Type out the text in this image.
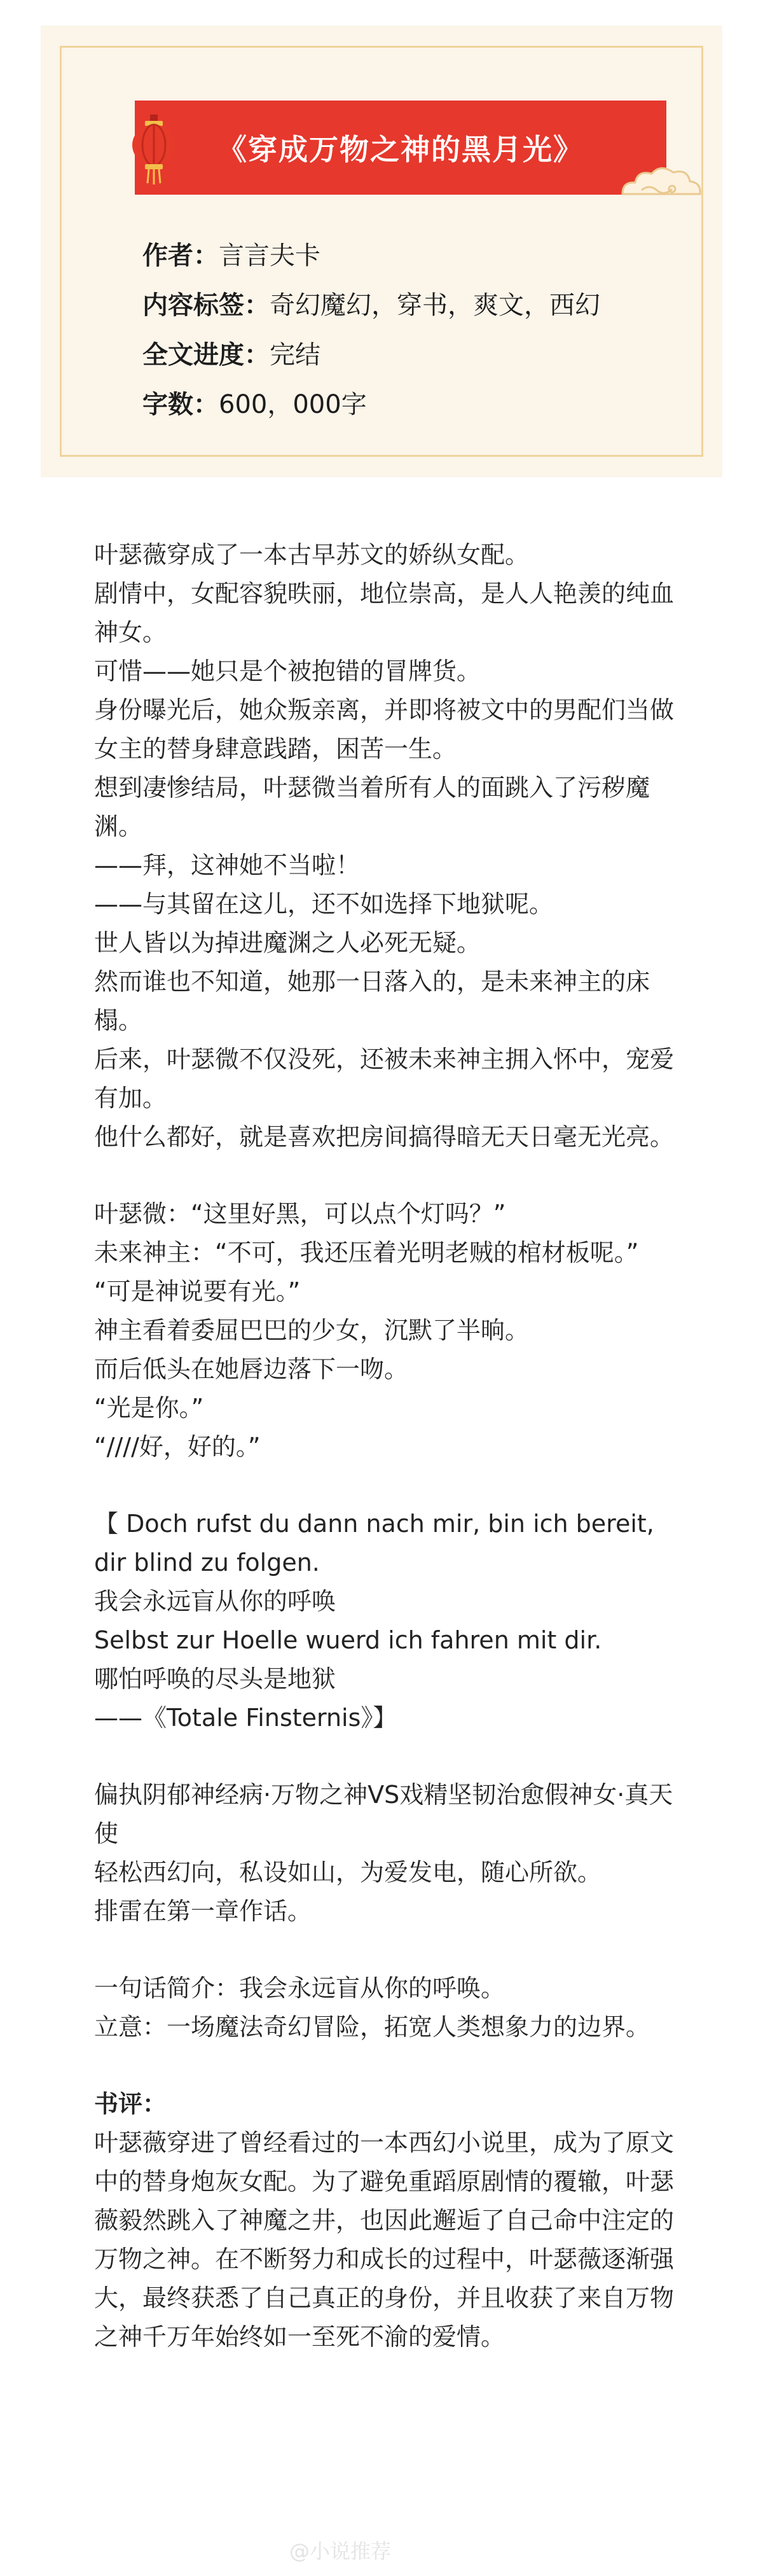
《穿成万物之神的黑月光》
作者：言言夫卡
内容标签：奇幻魔幻，穿书，爽文，西幻
全文进度：完结
字数：600，000字

叶瑟薇穿成了一本古早苏文的娇纵女配。

剧情中，女配容貌昳丽，地位崇高，是人人艳羡的纯血神女。

可惜——她只是个被抱错的冒牌货。

身份曝光后，她众叛亲离，并即将被文中的男配们当做女主的替身肆意践踏，困苦一生。

想到凄惨结局，叶瑟微当着所有人的面跳入了污秽魔渊。

——拜，这神她不当啦！

——与其留在这儿，还不如选择下地狱呢。

世人皆以为掉进魔渊之人必死无疑。

然而谁也不知道，她那一日落入的，是未来神主的床榻。

后来，叶瑟微不仅没死，还被未来神主拥入怀中，宠爱有加。

他什么都好，就是喜欢把房间搞得暗无天日毫无光亮。

叶瑟微：“这里好黑，可以点个灯吗？”

未来神主：“不可，我还压着光明老贼的棺材板呢。”

“可是神说要有光。”

神主看着委屈巴巴的少女，沉默了半晌。

而后低头在她唇边落下一吻。

“光是你。”

“////好，好的。”

【 Doch rufst du dann nach mir, bin ich bereit, dir blind zu folgen.

我会永远盲从你的呼唤

Selbst zur Hoelle wuerd ich fahren mit dir.

哪怕呼唤的尽头是地狱

——《Totale Finsternis》】

偏执阴郁神经病·万物之神VS戏精坚韧治愈假神女·真天使

轻松西幻向，私设如山，为爱发电，随心所欲。

排雷在第一章作话。

一句话简介：我会永远盲从你的呼唤。

立意：一场魔法奇幻冒险，拓宽人类想象力的边界。

书评：

叶瑟薇穿进了曾经看过的一本西幻小说里，成为了原文中的替身炮灰女配。为了避免重蹈原剧情的覆辙，叶瑟薇毅然跳入了神魔之井，也因此邂逅了自己命中注定的万物之神。在不断努力和成长的过程中，叶瑟薇逐渐强大，最终获悉了自己真正的身份，并且收获了来自万物之神千万年始终如一至死不渝的爱情。

@小说推荐
